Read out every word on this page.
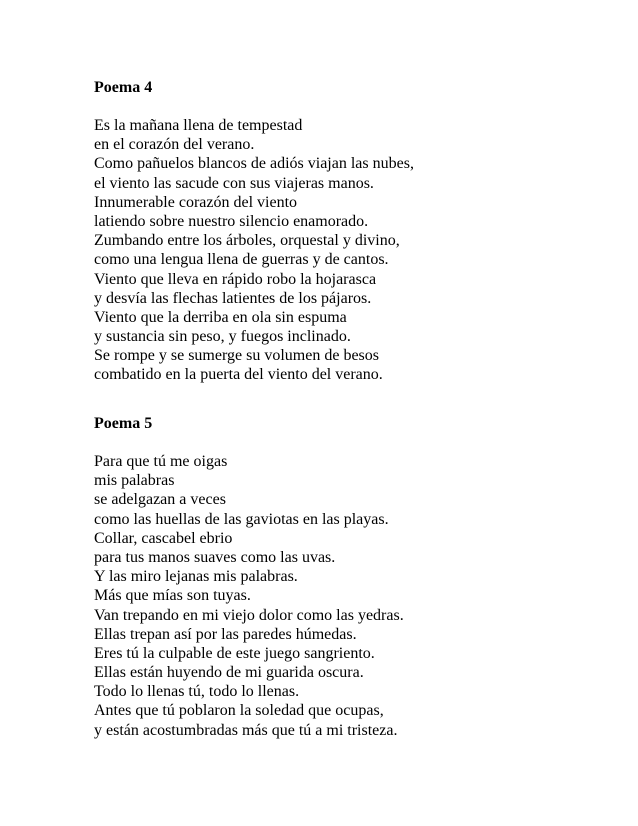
Poema 4
Es la mañana llena de tempestad
en el corazón del verano.
Como pañuelos blancos de adiós viajan las nubes,
el viento las sacude con sus viajeras manos.
Innumerable corazón del viento
latiendo sobre nuestro silencio enamorado.
Zumbando entre los árboles, orquestal y divino,
como una lengua llena de guerras y de cantos.
Viento que lleva en rápido robo la hojarasca
y desvía las flechas latientes de los pájaros.
Viento que la derriba en ola sin espuma
y sustancia sin peso, y fuegos inclinado.
Se rompe y se sumerge su volumen de besos
combatido en la puerta del viento del verano.
Poema 5
Para que tú me oigas
mis palabras
se adelgazan a veces
como las huellas de las gaviotas en las playas.
Collar, cascabel ebrio
para tus manos suaves como las uvas.
Y las miro lejanas mis palabras.
Más que mías son tuyas.
Van trepando en mi viejo dolor como las yedras.
Ellas trepan así por las paredes húmedas.
Eres tú la culpable de este juego sangriento.
Ellas están huyendo de mi guarida oscura.
Todo lo llenas tú, todo lo llenas.
Antes que tú poblaron la soledad que ocupas,
y están acostumbradas más que tú a mi tristeza.
